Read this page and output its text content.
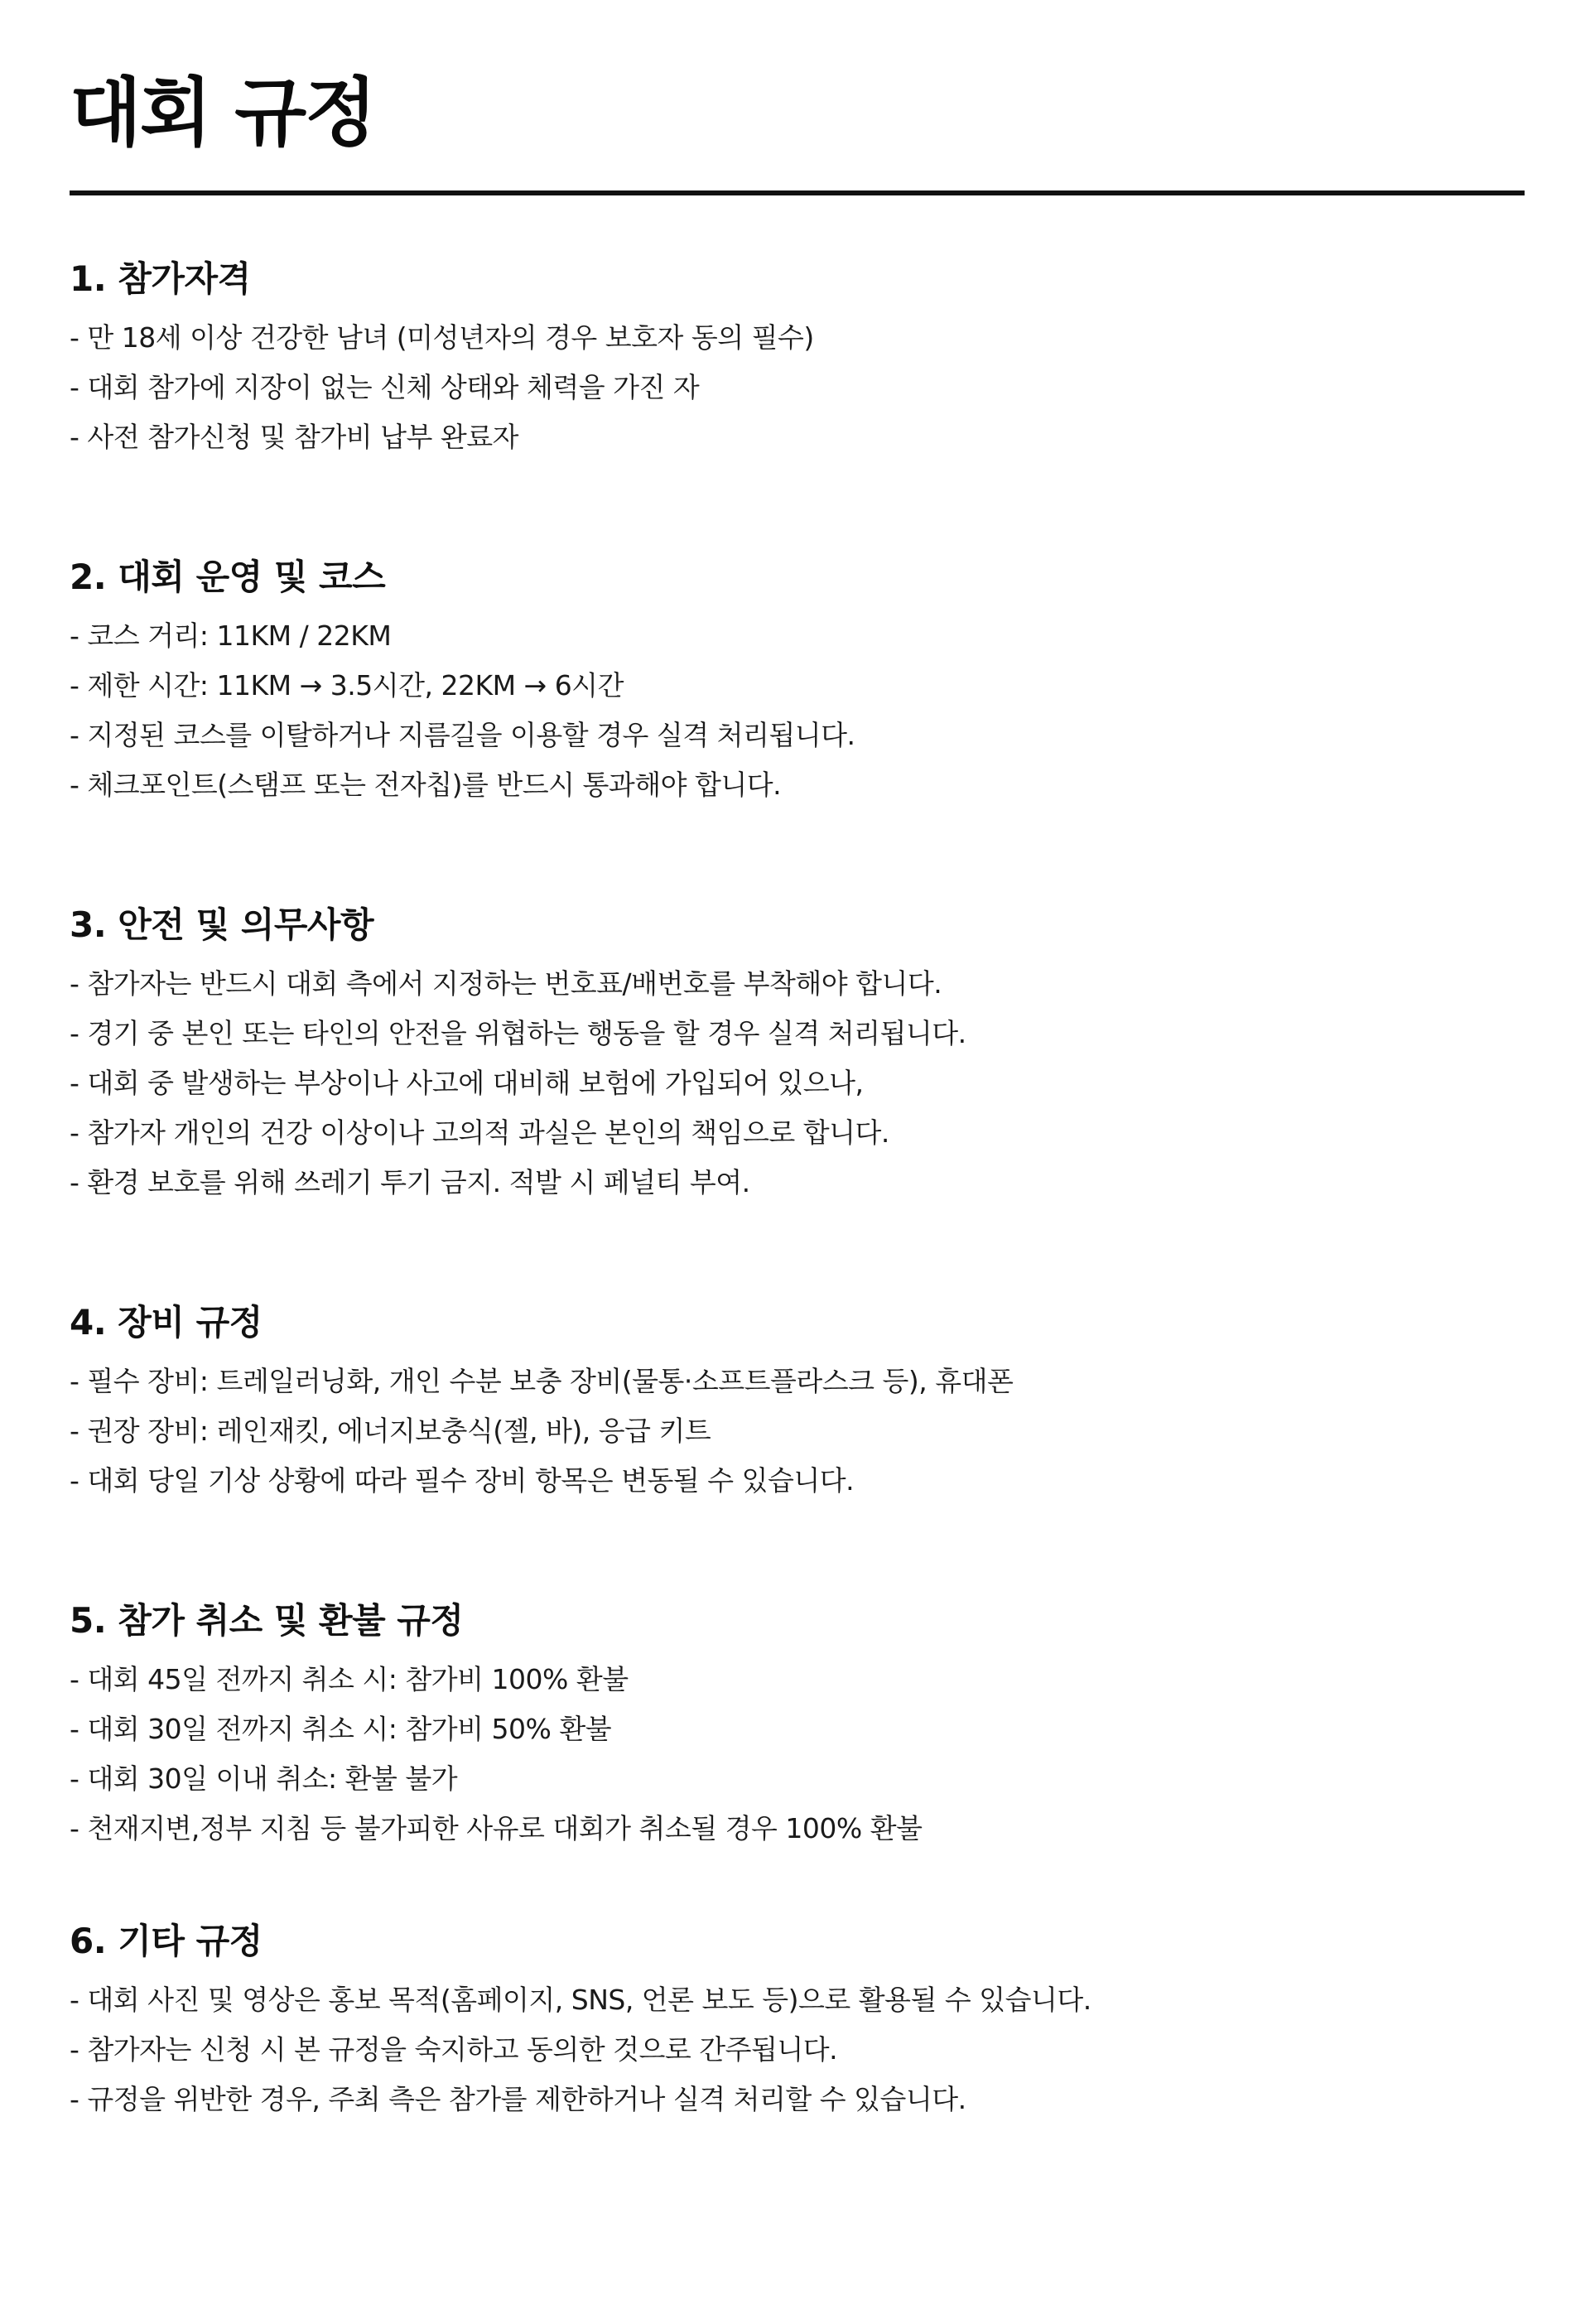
대회 규정
1. 참가자격
- 만 18세 이상 건강한 남녀 (미성년자의 경우 보호자 동의 필수)
- 대회 참가에 지장이 없는 신체 상태와 체력을 가진 자
- 사전 참가신청 및 참가비 납부 완료자
2. 대회 운영 및 코스
- 코스 거리: 11KM / 22KM
- 제한 시간: 11KM → 3.5시간, 22KM → 6시간
- 지정된 코스를 이탈하거나 지름길을 이용할 경우 실격 처리됩니다.
- 체크포인트(스탬프 또는 전자칩)를 반드시 통과해야 합니다.
3. 안전 및 의무사항
- 참가자는 반드시 대회 측에서 지정하는 번호표/배번호를 부착해야 합니다.
- 경기 중 본인 또는 타인의 안전을 위협하는 행동을 할 경우 실격 처리됩니다.
- 대회 중 발생하는 부상이나 사고에 대비해 보험에 가입되어 있으나,
- 참가자 개인의 건강 이상이나 고의적 과실은 본인의 책임으로 합니다.
- 환경 보호를 위해 쓰레기 투기 금지. 적발 시 페널티 부여.
4. 장비 규정
- 필수 장비: 트레일러닝화, 개인 수분 보충 장비(물통·소프트플라스크 등), 휴대폰
- 권장 장비: 레인재킷, 에너지보충식(젤, 바), 응급 키트
- 대회 당일 기상 상황에 따라 필수 장비 항목은 변동될 수 있습니다.
5. 참가 취소 및 환불 규정
- 대회 45일 전까지 취소 시: 참가비 100% 환불
- 대회 30일 전까지 취소 시: 참가비 50% 환불
- 대회 30일 이내 취소: 환불 불가
- 천재지변,정부 지침 등 불가피한 사유로 대회가 취소될 경우 100% 환불
6. 기타 규정
- 대회 사진 및 영상은 홍보 목적(홈페이지, SNS, 언론 보도 등)으로 활용될 수 있습니다.
- 참가자는 신청 시 본 규정을 숙지하고 동의한 것으로 간주됩니다.
- 규정을 위반한 경우, 주최 측은 참가를 제한하거나 실격 처리할 수 있습니다.
